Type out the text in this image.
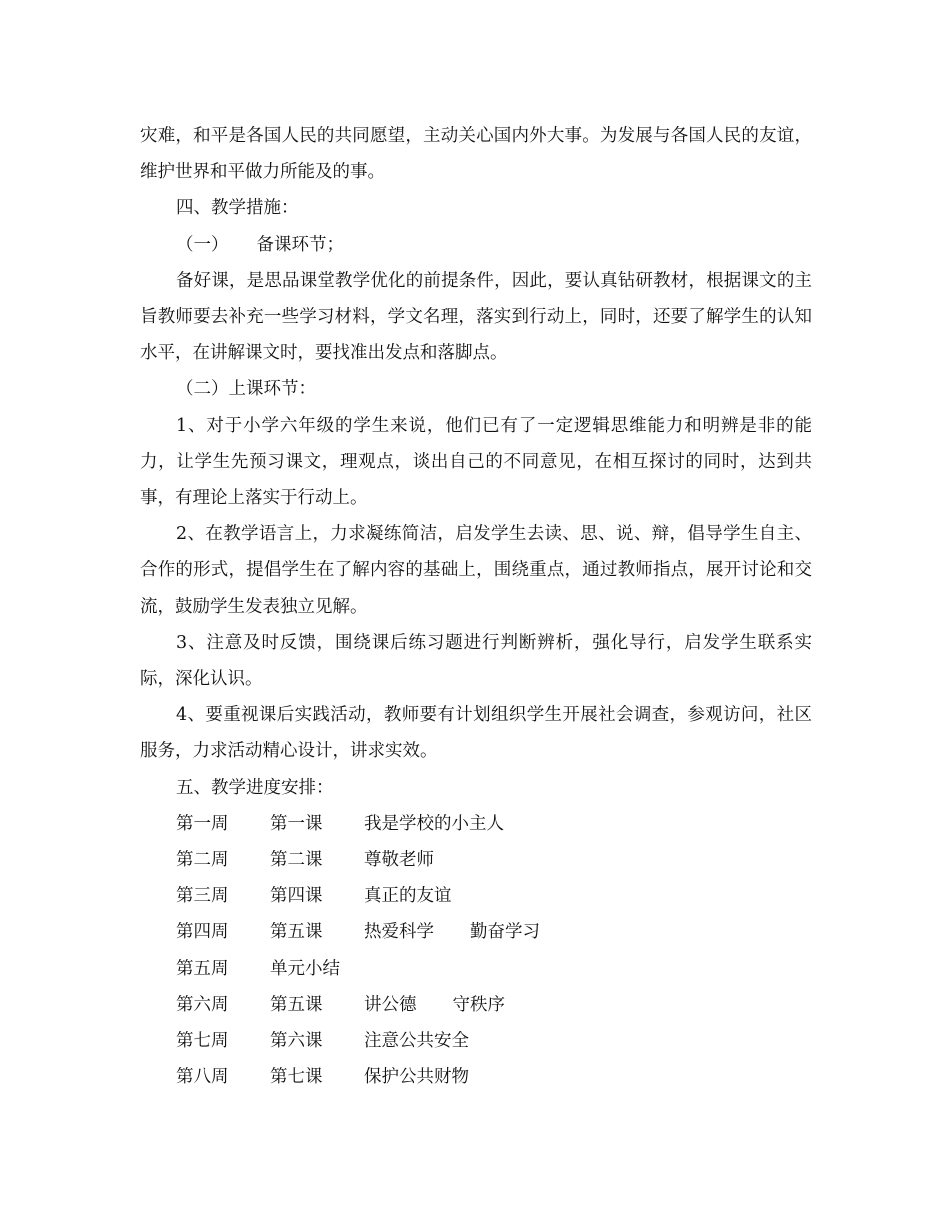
灾难，和平是各国人民的共同愿望，主动关心国内外大事。为发展与各国人民的友谊，维护世界和平做力所能及的事。

四、教学措施：

（一） 备课环节；

备好课，是思品课堂教学优化的前提条件，因此，要认真钻研教材，根据课文的主旨教师要去补充一些学习材料，学文名理，落实到行动上，同时，还要了解学生的认知水平，在讲解课文时，要找准出发点和落脚点。

（二）上课环节：

1、对于小学六年级的学生来说，他们已有了一定逻辑思维能力和明辨是非的能力，让学生先预习课文，理观点，谈出自己的不同意见，在相互探讨的同时，达到共事，有理论上落实于行动上。

2、在教学语言上，力求凝练简洁，启发学生去读、思、说、辩，倡导学生自主、合作的形式，提倡学生在了解内容的基础上，围绕重点，通过教师指点，展开讨论和交流，鼓励学生发表独立见解。

3、注意及时反馈，围绕课后练习题进行判断辨析，强化导行，启发学生联系实际，深化认识。

4、要重视课后实践活动，教师要有计划组织学生开展社会调查，参观访问，社区服务，力求活动精心设计，讲求实效。

五、教学进度安排：

第一周	第一课	我是学校的小主人
第二周	第二课	尊敬老师
第三周	第四课	真正的友谊
第四周	第五课	热爱科学 勤奋学习
第五周	单元小结
第六周	第五课	讲公德 守秩序
第七周	第六课	注意公共安全
第八周	第七课	保护公共财物
